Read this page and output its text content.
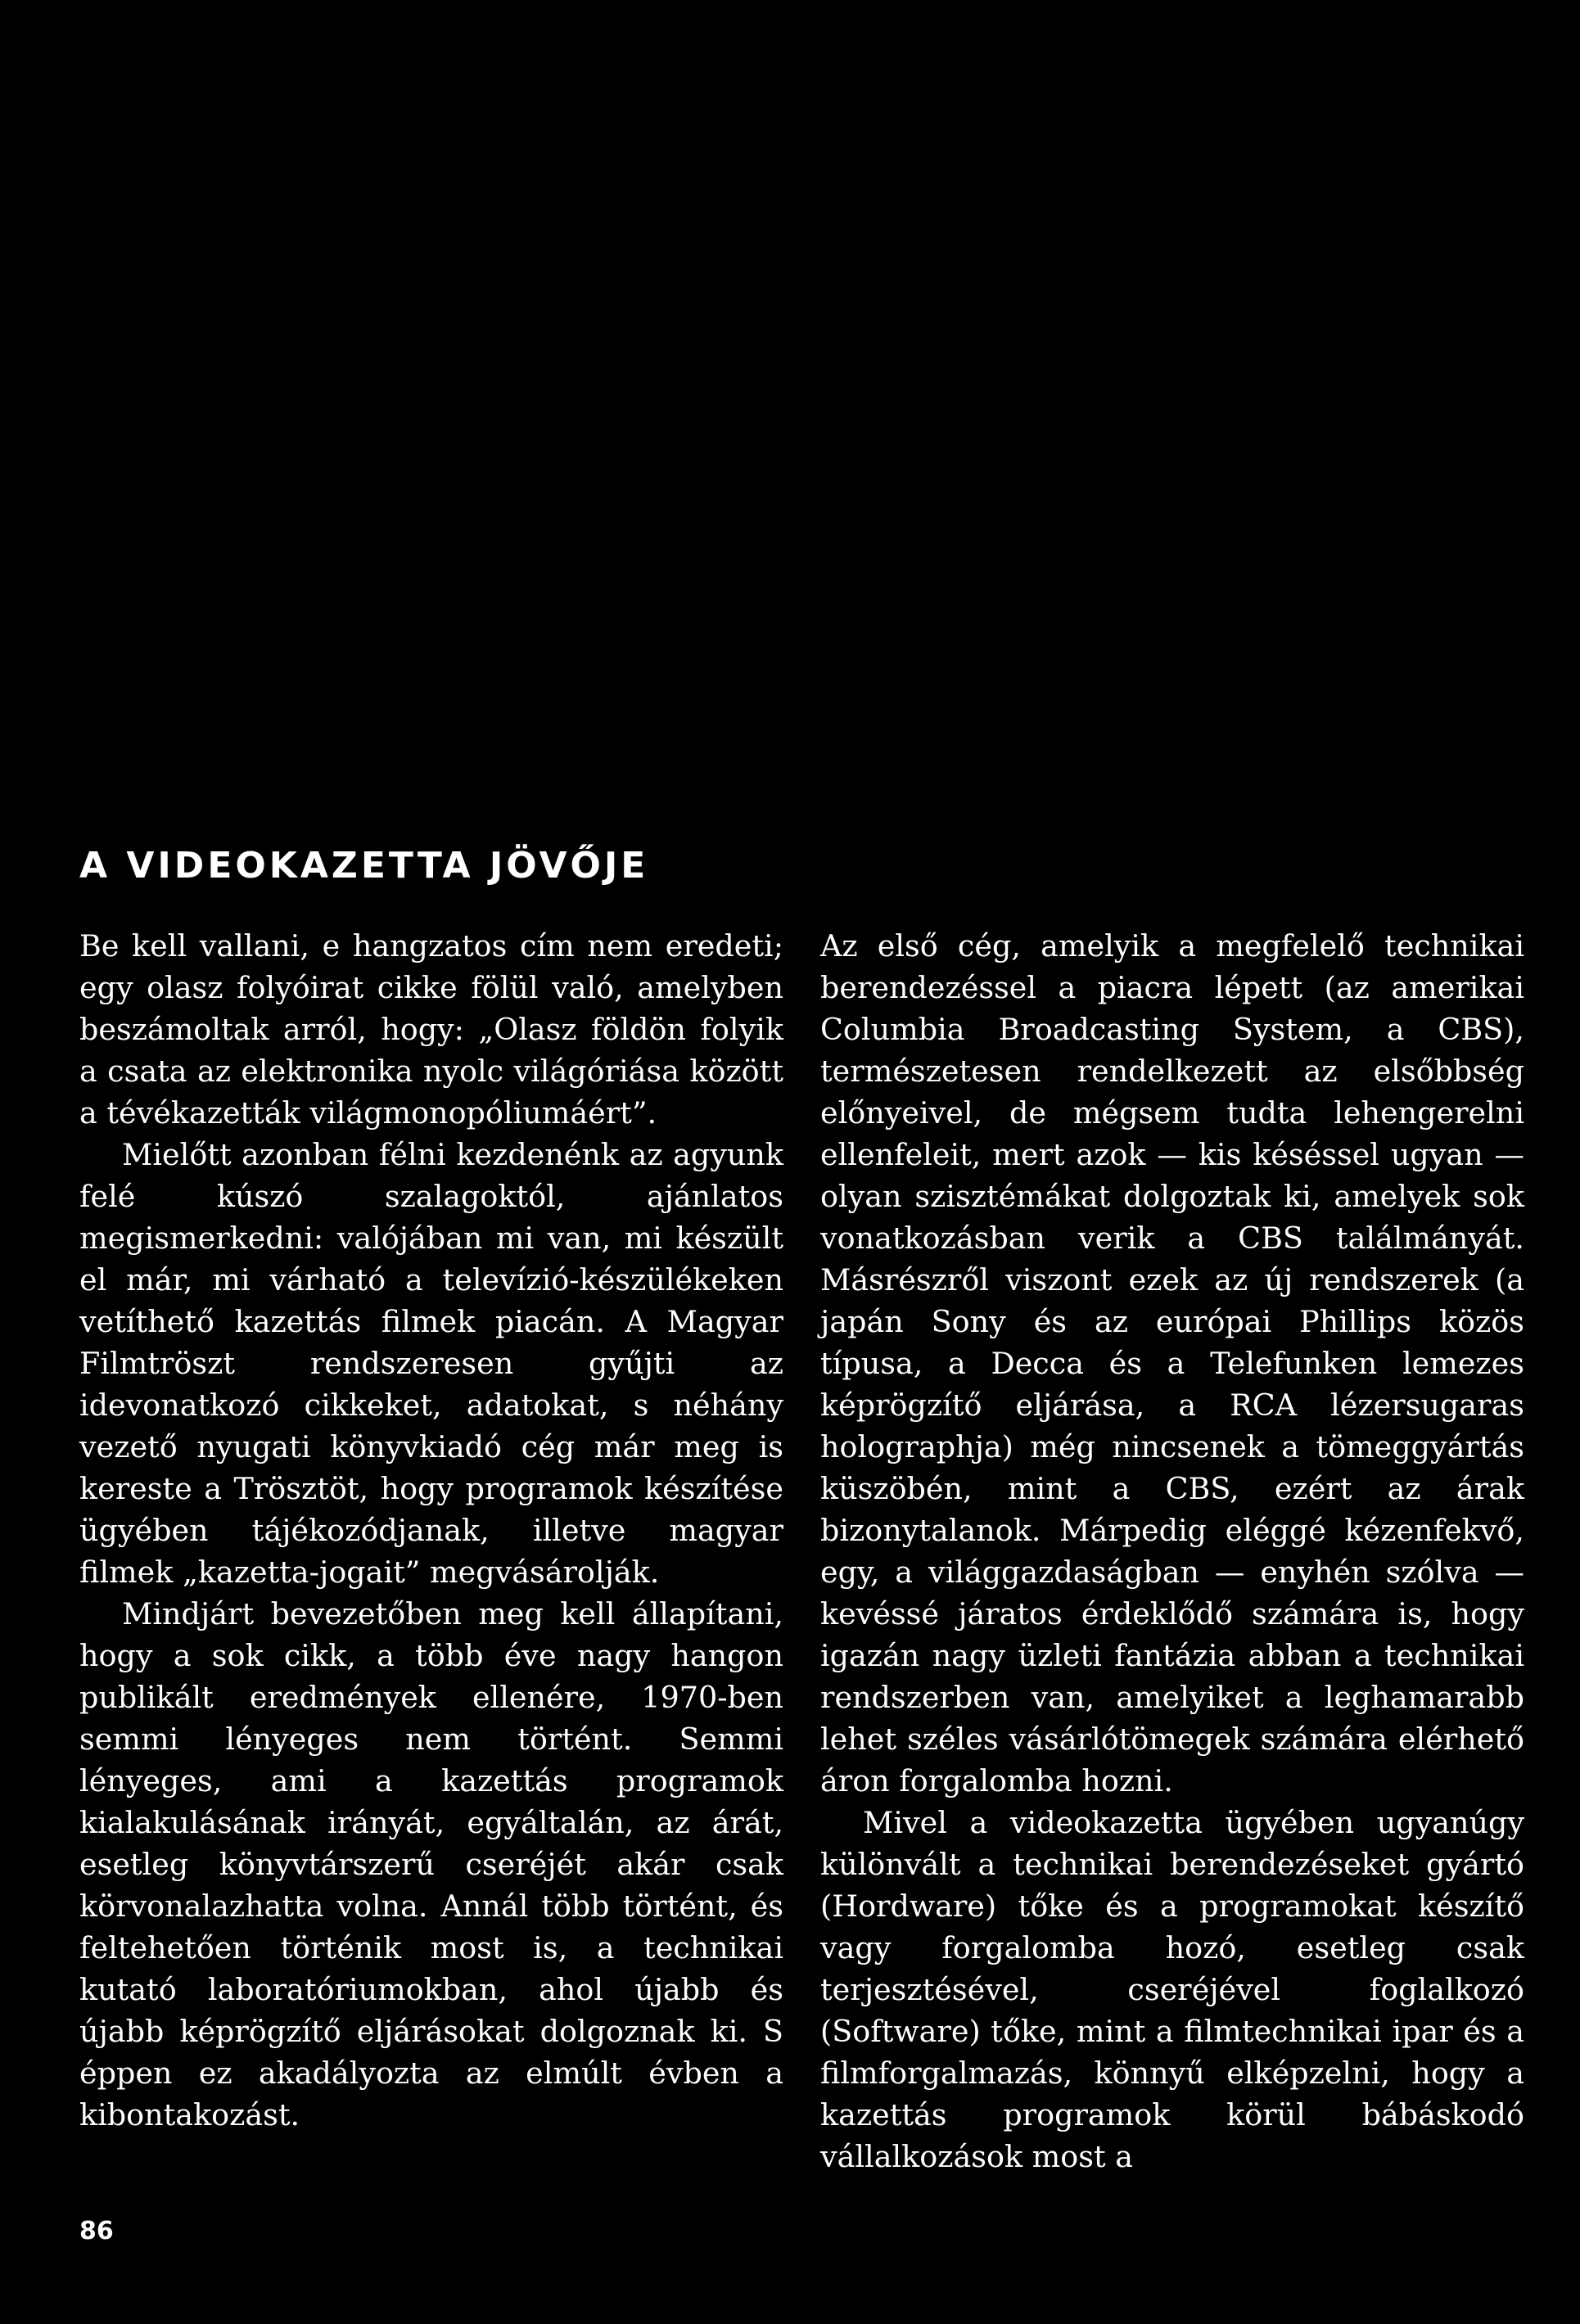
A VIDEOKAZETTA JÖVŐJE

Be kell vallani, e hangzatos cím nem eredeti; egy olasz folyóirat cikke fölül való, amelyben beszámoltak arról, hogy: „Olasz földön folyik a csata az elektronika nyolc világóriása között a tévékazetták világmonopóliumáért”.

Mielőtt azonban félni kezdenénk az agyunk felé kúszó szalagoktól, ajánlatos megismerkedni: valójában mi van, mi készült el már, mi várható a televízió-készülékeken vetíthető kazettás filmek piacán. A Magyar Filmtröszt rendszeresen gyűjti az idevonatkozó cikkeket, adatokat, s néhány vezető nyugati könyvkiadó cég már meg is kereste a Trösztöt, hogy programok készítése ügyében tájékozódjanak, illetve magyar filmek „kazetta-jogait” megvásárolják.

Mindjárt bevezetőben meg kell állapítani, hogy a sok cikk, a több éve nagy hangon publikált eredmények ellenére, 1970-ben semmi lényeges nem történt. Semmi lényeges, ami a kazettás programok kialakulásának irányát, egyáltalán, az árát, esetleg könyvtárszerű cseréjét akár csak körvonalazhatta volna. Annál több történt, és feltehetően történik most is, a technikai kutató laboratóriumokban, ahol újabb és újabb képrögzítő eljárásokat dolgoznak ki. S éppen ez akadályozta az elmúlt évben a kibontakozást.

Az első cég, amelyik a megfelelő technikai berendezéssel a piacra lépett (az amerikai Columbia Broadcasting System, a CBS), természetesen rendelkezett az elsőbbség előnyeivel, de mégsem tudta lehengerelni ellenfeleit, mert azok — kis késéssel ugyan — olyan szisztémákat dolgoztak ki, amelyek sok vonatkozásban verik a CBS találmányát. Másrészről viszont ezek az új rendszerek (a japán Sony és az európai Phillips közös típusa, a Decca és a Telefunken lemezes képrögzítő eljárása, a RCA lézersugaras holographja) még nincsenek a tömeggyártás küszöbén, mint a CBS, ezért az árak bizonytalanok. Márpedig eléggé kézenfekvő, egy, a világgazdaságban — enyhén szólva — kevéssé járatos érdeklődő számára is, hogy igazán nagy üzleti fantázia abban a technikai rendszerben van, amelyiket a leghamarabb lehet széles vásárlótömegek számára elérhető áron forgalomba hozni.

Mivel a videokazetta ügyében ugyanúgy különvált a technikai berendezéseket gyártó (Hordware) tőke és a programokat készítő vagy forgalomba hozó, esetleg csak terjesztésével, cseréjével foglalkozó (Software) tőke, mint a filmtechnikai ipar és a filmforgalmazás, könnyű elképzelni, hogy a kazettás programok körül bábáskodó vállalkozások most a

86
